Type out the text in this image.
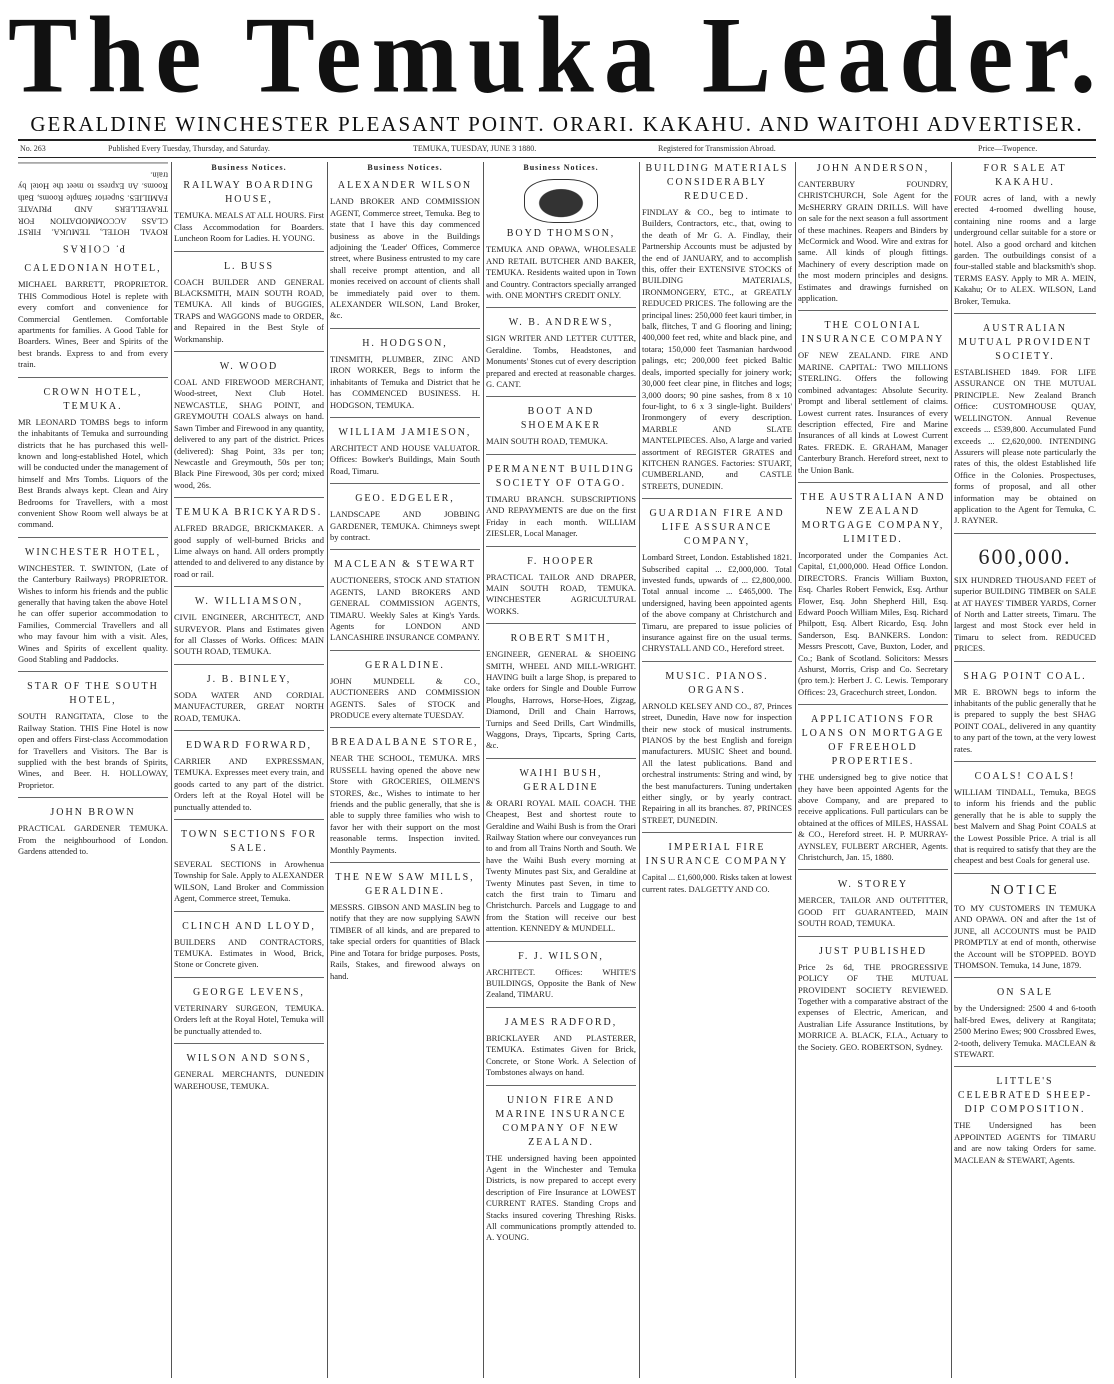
The Temuka Leader.
GERALDINE WINCHESTER PLEASANT POINT. ORARI. KAKAHU. AND WAITOHI ADVERTISER.
No. 263	Published Every Tuesday, Thursday, and Saturday.	TEMUKA, TUESDAY, JUNE 3 1880.	Registered for Transmission Abroad.	Price—Twopence.
P. COIRAS
ROYAL HOTEL, TEMUKA. FIRST CLASS ACCOMMODATION FOR TRAVELLERS AND PRIVATE FAMILIES. Superior Sample Rooms, Bath Rooms. An Express to meet the Hotel by train.
CALEDONIAN HOTEL,
MICHAEL BARRETT, PROPRIETOR. THIS Commodious Hotel is replete with every comfort and convenience for Commercial Gentlemen. Comfortable apartments for families. A Good Table for Boarders. Wines, Beer and Spirits of the best brands. Express to and from every train.
CROWN HOTEL, TEMUKA.
MR LEONARD TOMBS begs to inform the inhabitants of Temuka and surrounding districts that he has purchased this well-known and long-established Hotel, which will be conducted under the management of himself and Mrs Tombs. Liquors of the Best Brands always kept. Clean and Airy Bedrooms for Travellers, with a most convenient Show Room well always be at command.
WINCHESTER HOTEL,
WINCHESTER. T. SWINTON, (Late of the Canterbury Railways) PROPRIETOR. Wishes to inform his friends and the public generally that having taken the above Hotel he can offer superior accommodation to Families, Commercial Travellers and all who may favour him with a visit. Ales, Wines and Spirits of excellent quality. Good Stabling and Paddocks.
STAR OF THE SOUTH HOTEL,
SOUTH RANGITATA, Close to the Railway Station. THIS Fine Hotel is now open and offers First-class Accommodation for Travellers and Visitors. The Bar is supplied with the best brands of Spirits, Wines, and Beer. H. HOLLOWAY, Proprietor.
JOHN BROWN
PRACTICAL GARDENER TEMUKA. From the neighbourhood of London. Gardens attended to.
Business Notices.
RAILWAY BOARDING HOUSE,
TEMUKA. MEALS AT ALL HOURS. First Class Accommodation for Boarders. Luncheon Room for Ladies. H. YOUNG.
L. BUSS
COACH BUILDER AND GENERAL BLACKSMITH, MAIN SOUTH ROAD, TEMUKA. All kinds of BUGGIES, TRAPS and WAGGONS made to ORDER, and Repaired in the Best Style of Workmanship.
W. WOOD
COAL AND FIREWOOD MERCHANT, Wood-street, Next Club Hotel. NEWCASTLE, SHAG POINT, and GREYMOUTH COALS always on hand. Sawn Timber and Firewood in any quantity, delivered to any part of the district. Prices (delivered): Shag Point, 33s per ton; Newcastle and Greymouth, 50s per ton; Black Pine Firewood, 30s per cord; mixed wood, 26s.
TEMUKA BRICKYARDS.
ALFRED BRADGE, BRICKMAKER. A good supply of well-burned Bricks and Lime always on hand. All orders promptly attended to and delivered to any distance by road or rail.
W. WILLIAMSON,
CIVIL ENGINEER, ARCHITECT, AND SURVEYOR. Plans and Estimates given for all Classes of Works. Offices: MAIN SOUTH ROAD, TEMUKA.
J. B. BINLEY,
SODA WATER AND CORDIAL MANUFACTURER, GREAT NORTH ROAD, TEMUKA.
EDWARD FORWARD,
CARRIER AND EXPRESSMAN, TEMUKA. Expresses meet every train, and goods carted to any part of the district. Orders left at the Royal Hotel will be punctually attended to.
TOWN SECTIONS FOR SALE.
SEVERAL SECTIONS in Arowhenua Township for Sale. Apply to ALEXANDER WILSON, Land Broker and Commission Agent, Commerce street, Temuka.
CLINCH AND LLOYD,
BUILDERS AND CONTRACTORS, TEMUKA. Estimates in Wood, Brick, Stone or Concrete given.
GEORGE LEVENS,
VETERINARY SURGEON, TEMUKA. Orders left at the Royal Hotel, Temuka will be punctually attended to.
WILSON AND SONS,
GENERAL MERCHANTS, DUNEDIN WAREHOUSE, TEMUKA.
Business Notices.
ALEXANDER WILSON
LAND BROKER AND COMMISSION AGENT, Commerce street, Temuka. Beg to state that I have this day commenced business as above in the Buildings adjoining the 'Leader' Offices, Commerce street, where Business entrusted to my care shall receive prompt attention, and all monies received on account of clients shall be immediately paid over to them. ALEXANDER WILSON, Land Broker, &c.
H. HODGSON,
TINSMITH, PLUMBER, ZINC AND IRON WORKER, Begs to inform the inhabitants of Temuka and District that he has COMMENCED BUSINESS. H. HODGSON, TEMUKA.
WILLIAM JAMIESON,
ARCHITECT AND HOUSE VALUATOR. Offices: Bowker's Buildings, Main South Road, Timaru.
GEO. EDGELER,
LANDSCAPE AND JOBBING GARDENER, TEMUKA. Chimneys swept by contract.
MACLEAN & STEWART
AUCTIONEERS, STOCK AND STATION AGENTS, LAND BROKERS AND GENERAL COMMISSION AGENTS, TIMARU. Weekly Sales at King's Yards. Agents for LONDON AND LANCASHIRE INSURANCE COMPANY.
GERALDINE.
JOHN MUNDELL & CO., AUCTIONEERS AND COMMISSION AGENTS. Sales of STOCK and PRODUCE every alternate TUESDAY.
BREADALBANE STORE,
NEAR THE SCHOOL, TEMUKA. MRS RUSSELL having opened the above new Store with GROCERIES, OILMEN'S STORES, &c., Wishes to intimate to her friends and the public generally, that she is able to supply three families who wish to favor her with their support on the most reasonable terms. Inspection invited. Monthly Payments.
THE NEW SAW MILLS, GERALDINE.
MESSRS. GIBSON AND MASLIN beg to notify that they are now supplying SAWN TIMBER of all kinds, and are prepared to take special orders for quantities of Black Pine and Totara for bridge purposes. Posts, Rails, Stakes, and firewood always on hand.
Business Notices.
BOYD THOMSON,
TEMUKA AND OPAWA, WHOLESALE AND RETAIL BUTCHER AND BAKER, TEMUKA. Residents waited upon in Town and Country. Contractors specially arranged with. ONE MONTH'S CREDIT ONLY.
W. B. ANDREWS,
SIGN WRITER AND LETTER CUTTER, Geraldine. Tombs, Headstones, and Monuments' Stones cut of every description prepared and erected at reasonable charges. G. CANT.
BOOT AND SHOEMAKER
MAIN SOUTH ROAD, TEMUKA.
PERMANENT BUILDING SOCIETY OF OTAGO.
TIMARU BRANCH. SUBSCRIPTIONS AND REPAYMENTS are due on the first Friday in each month. WILLIAM ZIESLER, Local Manager.
F. HOOPER
PRACTICAL TAILOR AND DRAPER, MAIN SOUTH ROAD, TEMUKA. WINCHESTER AGRICULTURAL WORKS.
ROBERT SMITH,
ENGINEER, GENERAL & SHOEING SMITH, WHEEL AND MILL-WRIGHT. HAVING built a large Shop, is prepared to take orders for Single and Double Furrow Ploughs, Harrows, Horse-Hoes, Zigzag, Diamond, Drill and Chain Harrows, Turnips and Seed Drills, Cart Windmills, Waggons, Drays, Tipcarts, Spring Carts, &c.
WAIHI BUSH, GERALDINE
& ORARI ROYAL MAIL COACH. THE Cheapest, Best and shortest route to Geraldine and Waihi Bush is from the Orari Railway Station where our conveyances run to and from all Trains North and South. We have the Waihi Bush every morning at Twenty Minutes past Six, and Geraldine at Twenty Minutes past Seven, in time to catch the first train to Timaru and Christchurch. Parcels and Luggage to and from the Station will receive our best attention. KENNEDY & MUNDELL.
F. J. WILSON,
ARCHITECT. Offices: WHITE'S BUILDINGS, Opposite the Bank of New Zealand, TIMARU.
JAMES RADFORD,
BRICKLAYER AND PLASTERER, TEMUKA. Estimates Given for Brick, Concrete, or Stone Work. A Selection of Tombstones always on hand.
UNION FIRE AND MARINE INSURANCE COMPANY OF NEW ZEALAND.
THE undersigned having been appointed Agent in the Winchester and Temuka Districts, is now prepared to accept every description of Fire Insurance at LOWEST CURRENT RATES. Standing Crops and Stacks insured covering Threshing Risks. All communications promptly attended to. A. YOUNG.
BUILDING MATERIALS CONSIDERABLY REDUCED.
FINDLAY & CO., beg to intimate to Builders, Contractors, etc., that, owing to the death of Mr G. A. Findlay, their Partnership Accounts must be adjusted by the end of JANUARY, and to accomplish this, offer their EXTENSIVE STOCKS of BUILDING MATERIALS, IRONMONGERY, ETC., at GREATLY REDUCED PRICES. The following are the principal lines: 250,000 feet kauri timber, in balk, flitches, T and G flooring and lining; 400,000 feet red, white and black pine, and totara; 150,000 feet Tasmanian hardwood palings, etc; 200,000 feet picked Baltic deals, imported specially for joinery work; 30,000 feet clear pine, in flitches and logs; 3,000 doors; 90 pine sashes, from 8 x 10 four-light, to 6 x 3 single-light. Builders' Ironmongery of every description. MARBLE AND SLATE MANTELPIECES. Also, A large and varied assortment of REGISTER GRATES and KITCHEN RANGES. Factories: STUART, CUMBERLAND, and CASTLE STREETS, DUNEDIN.
GUARDIAN FIRE AND LIFE ASSURANCE COMPANY,
Lombard Street, London. Established 1821. Subscribed capital ... £2,000,000. Total invested funds, upwards of ... £2,800,000. Total annual income ... £465,000. The undersigned, having been appointed agents of the above company at Christchurch and Timaru, are prepared to issue policies of insurance against fire on the usual terms. CHRYSTALL AND CO., Hereford street.
MUSIC. PIANOS. ORGANS.
ARNOLD KELSEY AND CO., 87, Princes street, Dunedin, Have now for inspection their new stock of musical instruments. PIANOS by the best English and foreign manufacturers. MUSIC Sheet and bound. All the latest publications. Band and orchestral instruments: String and wind, by the best manufacturers. Tuning undertaken either singly, or by yearly contract. Repairing in all its branches. 87, PRINCES STREET, DUNEDIN.
IMPERIAL FIRE INSURANCE COMPANY
Capital ... £1,600,000. Risks taken at lowest current rates. DALGETTY AND CO.
JOHN ANDERSON,
CANTERBURY FOUNDRY, CHRISTCHURCH, Sole Agent for the McSHERRY GRAIN DRILLS. Will have on sale for the next season a full assortment of these machines. Reapers and Binders by McCormick and Wood. Wire and extras for same. All kinds of plough fittings. Machinery of every description made on the most modern principles and designs. Estimates and drawings furnished on application.
THE COLONIAL INSURANCE COMPANY
OF NEW ZEALAND. FIRE AND MARINE. CAPITAL: TWO MILLIONS STERLING. Offers the following combined advantages: Absolute Security. Prompt and liberal settlement of claims. Lowest current rates. Insurances of every description effected, Fire and Marine Insurances of all kinds at Lowest Current Rates. FREDK. E. GRAHAM, Manager Canterbury Branch. Hereford street, next to the Union Bank.
THE AUSTRALIAN AND NEW ZEALAND MORTGAGE COMPANY, LIMITED.
Incorporated under the Companies Act. Capital, £1,000,000. Head Office London. DIRECTORS. Francis William Buxton, Esq. Charles Robert Fenwick, Esq. Arthur Flower, Esq. John Shepherd Hill, Esq. Edward Pooch William Miles, Esq. Richard Philpott, Esq. Albert Ricardo, Esq. John Sanderson, Esq. BANKERS. London: Messrs Prescott, Cave, Buxton, Loder, and Co.; Bank of Scotland. Solicitors: Messrs Ashurst, Morris, Crisp and Co. Secretary (pro tem.): Herbert J. C. Lewis. Temporary Offices: 23, Gracechurch street, London.
APPLICATIONS FOR LOANS ON MORTGAGE OF FREEHOLD PROPERTIES.
THE undersigned beg to give notice that they have been appointed Agents for the above Company, and are prepared to receive applications. Full particulars can be obtained at the offices of MILES, HASSAL & CO., Hereford street. H. P. MURRAY-AYNSLEY, FULBERT ARCHER, Agents. Christchurch, Jan. 15, 1880.
W. STOREY
MERCER, TAILOR AND OUTFITTER, GOOD FIT GUARANTEED, MAIN SOUTH ROAD, TEMUKA.
JUST PUBLISHED
Price 2s 6d, THE PROGRESSIVE POLICY OF THE MUTUAL PROVIDENT SOCIETY REVIEWED. Together with a comparative abstract of the expenses of Electric, American, and Australian Life Assurance Institutions, by MORRICE A. BLACK, F.I.A., Actuary to the Society. GEO. ROBERTSON, Sydney.
FOR SALE AT KAKAHU.
FOUR acres of land, with a newly erected 4-roomed dwelling house, containing nine rooms and a large underground cellar suitable for a store or hotel. Also a good orchard and kitchen garden. The outbuildings consist of a four-stalled stable and blacksmith's shop. TERMS EASY. Apply to MR A. MEIN, Kakahu; Or to ALEX. WILSON, Land Broker, Temuka.
AUSTRALIAN MUTUAL PROVIDENT SOCIETY.
ESTABLISHED 1849. FOR LIFE ASSURANCE ON THE MUTUAL PRINCIPLE. New Zealand Branch Office: CUSTOMHOUSE QUAY, WELLINGTON. Annual Revenue exceeds ... £539,800. Accumulated Fund exceeds ... £2,620,000. INTENDING Assurers will please note particularly the rates of this, the oldest Established life Office in the Colonies. Prospectuses, forms of proposal, and all other information may be obtained on application to the Agent for Temuka, C. J. RAYNER.
600,000.
SIX HUNDRED THOUSAND FEET of superior BUILDING TIMBER on SALE at AT HAYES' TIMBER YARDS, Corner of North and Latter streets, Timaru. The largest and most Stock ever held in Timaru to select from. REDUCED PRICES.
SHAG POINT COAL.
MR E. BROWN begs to inform the inhabitants of the public generally that he is prepared to supply the best SHAG POINT COAL, delivered in any quantity to any part of the town, at the very lowest rates.
COALS! COALS!
WILLIAM TINDALL, Temuka, BEGS to inform his friends and the public generally that he is able to supply the best Malvern and Shag Point COALS at the Lowest Possible Price. A trial is all that is required to satisfy that they are the cheapest and best Coals for general use.
NOTICE
TO MY CUSTOMERS IN TEMUKA AND OPAWA. ON and after the 1st of JUNE, all ACCOUNTS must be PAID PROMPTLY at end of month, otherwise the Account will be STOPPED. BOYD THOMSON. Temuka, 14 June, 1879.
ON SALE
by the Undersigned: 2500 4 and 6-tooth half-bred Ewes, delivery at Rangitata; 2500 Merino Ewes; 900 Crossbred Ewes, 2-tooth, delivery Temuka. MACLEAN & STEWART.
LITTLE'S CELEBRATED SHEEP-DIP COMPOSITION.
THE Undersigned has been APPOINTED AGENTS for TIMARU and are now taking Orders for same. MACLEAN & STEWART, Agents.
